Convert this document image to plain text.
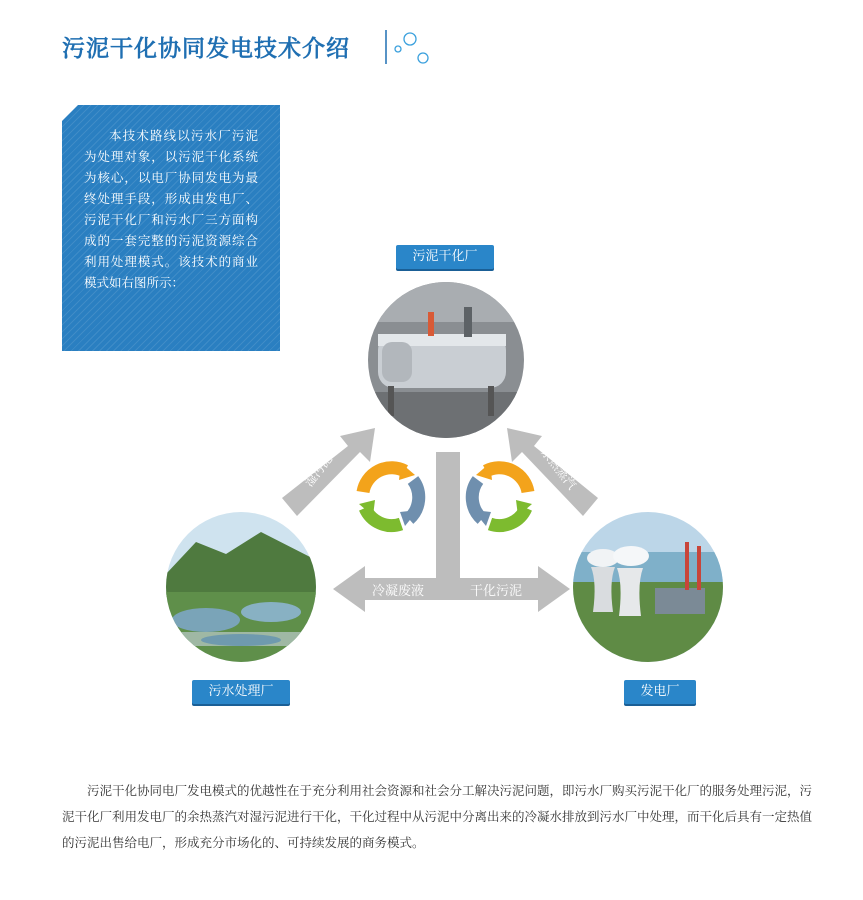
污泥干化协同发电技术介绍
本技术路线以污水厂污泥为处理对象，以污泥干化系统为核心，以电厂协同发电为最终处理手段，形成由发电厂、污泥干化厂和污水厂三方面构成的一套完整的污泥资源综合利用处理模式。该技术的商业模式如右图所示：
湿污泥	余热蒸汽
冷凝废液	干化污泥
污泥干化厂
污水处理厂	发电厂
污泥干化协同电厂发电模式的优越性在于充分利用社会资源和社会分工解决污泥问题，即污水厂购买污泥干化厂的服务处理污泥，污泥干化厂利用发电厂的余热蒸汽对湿污泥进行干化，干化过程中从污泥中分离出来的冷凝水排放到污水厂中处理，而干化后具有一定热值的污泥出售给电厂，形成充分市场化的、可持续发展的商务模式。
